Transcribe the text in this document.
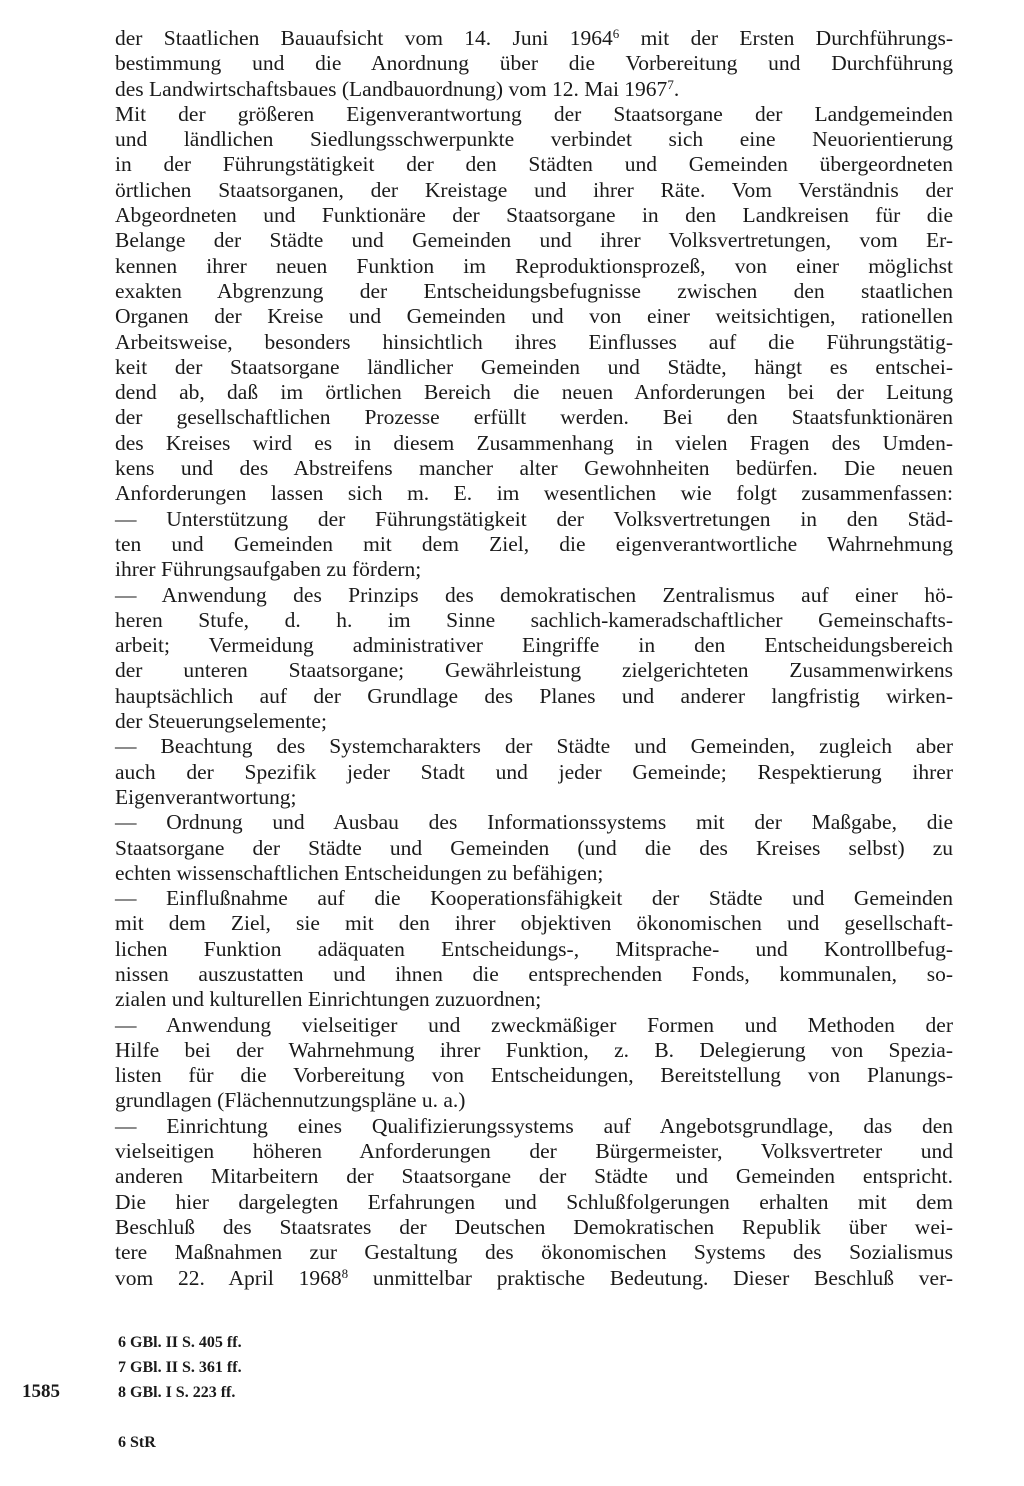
der Staatlichen Bauaufsicht vom 14. Juni 1964$^6$ mit der Ersten Durchführungs-
bestimmung und die Anordnung über die Vorbereitung und Durchführung
des Landwirtschaftsbaues (Landbauordnung) vom 12. Mai 1967$^7$.
Mit der größeren Eigenverantwortung der Staatsorgane der Landgemeinden
und ländlichen Siedlungsschwerpunkte verbindet sich eine Neuorientierung
in der Führungstätigkeit der den Städten und Gemeinden übergeordneten
örtlichen Staatsorganen, der Kreistage und ihrer Räte. Vom Verständnis der
Abgeordneten und Funktionäre der Staatsorgane in den Landkreisen für die
Belange der Städte und Gemeinden und ihrer Volksvertretungen, vom Er-
kennen ihrer neuen Funktion im Reproduktionsprozeß, von einer möglichst
exakten Abgrenzung der Entscheidungsbefugnisse zwischen den staatlichen
Organen der Kreise und Gemeinden und von einer weitsichtigen, rationellen
Arbeitsweise, besonders hinsichtlich ihres Einflusses auf die Führungstätig-
keit der Staatsorgane ländlicher Gemeinden und Städte, hängt es entschei-
dend ab, daß im örtlichen Bereich die neuen Anforderungen bei der Leitung
der gesellschaftlichen Prozesse erfüllt werden. Bei den Staatsfunktionären
des Kreises wird es in diesem Zusammenhang in vielen Fragen des Umden-
kens und des Abstreifens mancher alter Gewohnheiten bedürfen. Die neuen
Anforderungen lassen sich m. E. im wesentlichen wie folgt zusammenfassen:
— Unterstützung der Führungstätigkeit der Volksvertretungen in den Städ-
ten und Gemeinden mit dem Ziel, die eigenverantwortliche Wahrnehmung
ihrer Führungsaufgaben zu fördern;
— Anwendung des Prinzips des demokratischen Zentralismus auf einer hö-
heren Stufe, d. h. im Sinne sachlich-kameradschaftlicher Gemeinschafts-
arbeit; Vermeidung administrativer Eingriffe in den Entscheidungsbereich
der unteren Staatsorgane; Gewährleistung zielgerichteten Zusammenwirkens
hauptsächlich auf der Grundlage des Planes und anderer langfristig wirken-
der Steuerungselemente;
— Beachtung des Systemcharakters der Städte und Gemeinden, zugleich aber
auch der Spezifik jeder Stadt und jeder Gemeinde; Respektierung ihrer
Eigenverantwortung;
— Ordnung und Ausbau des Informationssystems mit der Maßgabe, die
Staatsorgane der Städte und Gemeinden (und die des Kreises selbst) zu
echten wissenschaftlichen Entscheidungen zu befähigen;
— Einflußnahme auf die Kooperationsfähigkeit der Städte und Gemeinden
mit dem Ziel, sie mit den ihrer objektiven ökonomischen und gesellschaft-
lichen Funktion adäquaten Entscheidungs-, Mitsprache- und Kontrollbefug-
nissen auszustatten und ihnen die entsprechenden Fonds, kommunalen, so-
zialen und kulturellen Einrichtungen zuzuordnen;
— Anwendung vielseitiger und zweckmäßiger Formen und Methoden der
Hilfe bei der Wahrnehmung ihrer Funktion, z. B. Delegierung von Spezia-
listen für die Vorbereitung von Entscheidungen, Bereitstellung von Planungs-
grundlagen (Flächennutzungspläne u. a.)
— Einrichtung eines Qualifizierungssystems auf Angebotsgrundlage, das den
vielseitigen höheren Anforderungen der Bürgermeister, Volksvertreter und
anderen Mitarbeitern der Staatsorgane der Städte und Gemeinden entspricht.
Die hier dargelegten Erfahrungen und Schlußfolgerungen erhalten mit dem
Beschluß des Staatsrates der Deutschen Demokratischen Republik über wei-
tere Maßnahmen zur Gestaltung des ökonomischen Systems des Sozialismus
vom 22. April 1968$^8$ unmittelbar praktische Bedeutung. Dieser Beschluß ver-
6 GBl. II S. 405 ff.
7 GBl. II S. 361 ff.
8 GBl. I S. 223 ff.
1585
6 StR
